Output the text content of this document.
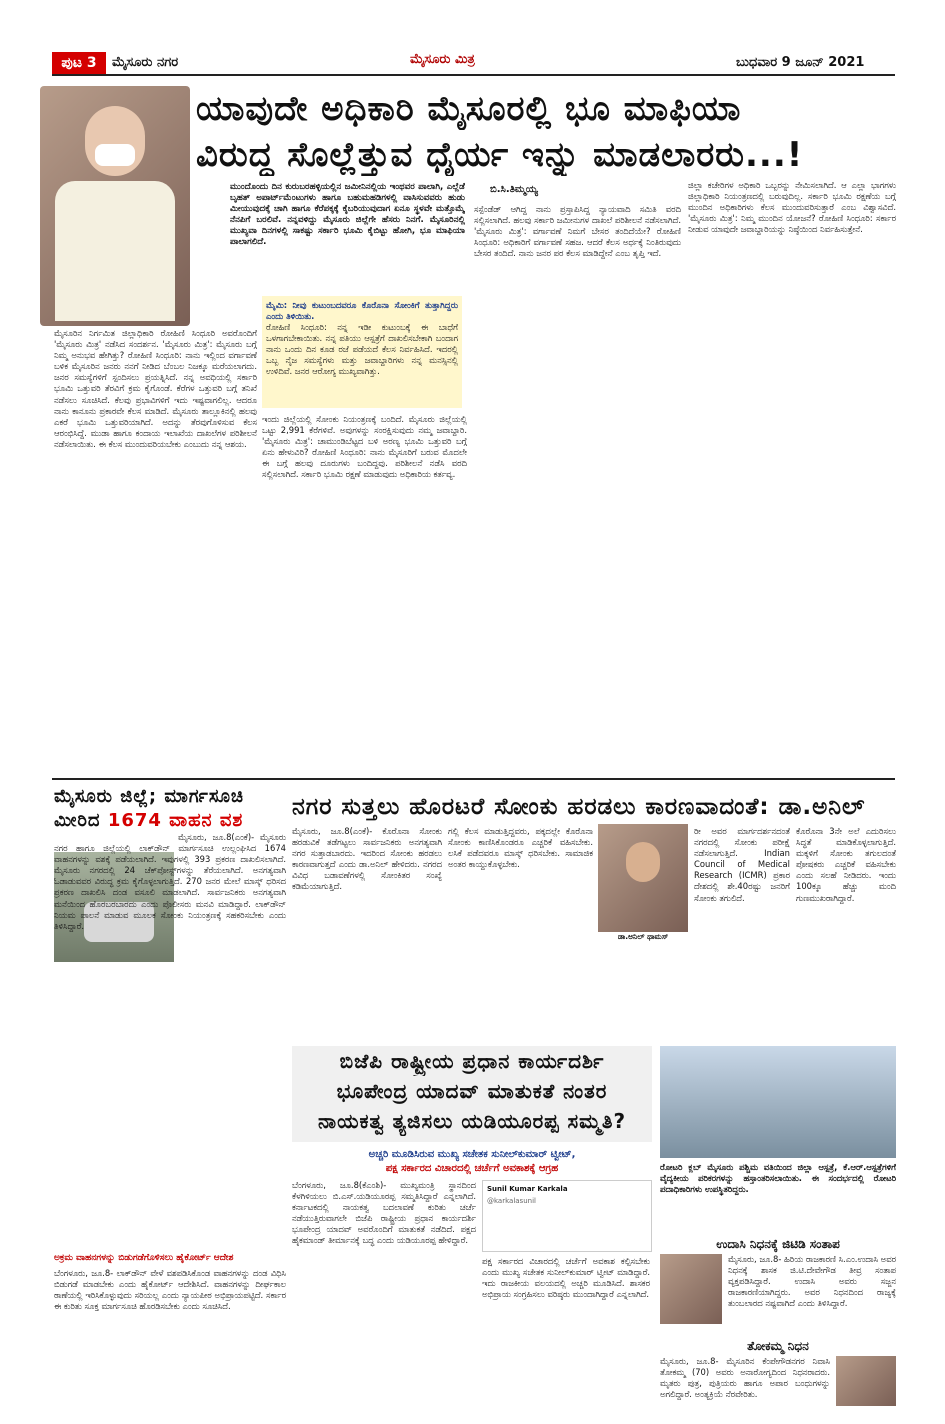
ಪುಟ 3	ಮೈಸೂರು ನಗರ	ಮೈಸೂರು ಮಿತ್ರ	ಬುಧವಾರ 9 ಜೂನ್ 2021
ಯಾವುದೇ ಅಧಿಕಾರಿ ಮೈಸೂರಲ್ಲಿ ಭೂ ಮಾಫಿಯಾ
ವಿರುದ್ಧ ಸೊಲ್ಲೆತ್ತುವ ಧೈರ್ಯ ಇನ್ನು ಮಾಡಲಾರರು...!
ಮುಂದೊಂದು ದಿನ ಕುರುಬರಹಳ್ಳಿಯಲ್ಲಿನ ಜಮೀನಿನಲ್ಲಿಯ ಇಂಥವರ ಪಾಲಾಗಿ, ಎಲ್ಲೆಡೆ ಬೃಹತ್ ಅಪಾರ್ಟ್‌ಮೆಂಟುಗಳು ಹಾಗೂ ಬಹುಮಹಡಿಗಳಲ್ಲಿ ವಾಸಿಸುವವರು ಹುಡು ಮೀಯುವುದಕ್ಕೆ ಚಾಗಿ ಹಾಗೂ ಕೆರೆಪಕ್ಕಕ್ಕೆ ಕೈಬರಿಯುವುದಾಗ ಏನೂ ಸ್ಥಳವೇ ಮತ್ತೊಮ್ಮೆ ನೆನಪಿಗೆ ಬರಲಿವೆ. ನನ್ನವಳಿದ್ದು ಮೈಸೂರು ಜಿಲ್ಲೆಗೇ ಹೆಸರು ನಿನಗೆ. ಮೈಸೂರಿನಲ್ಲಿ ಮುಖ್ಯವಾ ದಿನಗಳಲ್ಲಿ ಸಾಕಷ್ಟು ಸರ್ಕಾರಿ ಭೂಮಿ ಕೈಬಿಟ್ಟು ಹೋಗಿ, ಭೂ ಮಾಫಿಯಾ ಪಾಲಾಗಲಿದೆ.
ಬಿ.ಸಿ.ತಿಮ್ಮಯ್ಯ
ಮೈಮಿ: ನೀವು ಕುಟುಂಬದವರೂ ಕೊರೊನಾ ಸೋಂಕಿಗೆ ತುತ್ತಾಗಿದ್ದರು ಎಂದು ತಿಳಿಯಿತು.
ರೋಹಿಣಿ ಸಿಂಧೂರಿ: ನನ್ನ ಇಡೀ ಕುಟುಂಬಕ್ಕೆ ಈ ಬಾಧೆಗೆ ಒಳಗಾಗಬೇಕಾಯಿತು. ನನ್ನ ಪತಿಯು ಆಸ್ಪತ್ರೆಗೆ ದಾಖಲಿಸಬೇಕಾಗಿ ಬಂದಾಗ ನಾನು ಒಂದು ದಿನ ಕೂಡ ರಜೆ ಪಡೆಯದೆ ಕೆಲಸ ನಿರ್ವಹಿಸಿದೆ. ಇದರಲ್ಲಿ ಒಬ್ಬ ನೈಜ ಸಮಸ್ಯೆಗಳು ಮತ್ತು ಜವಾಬ್ದಾರಿಗಳು ನನ್ನ ಮನಸ್ಸಿನಲ್ಲಿ ಉಳಿದಿವೆ. ಜನರ ಆರೋಗ್ಯ ಮುಖ್ಯವಾಗಿತ್ತು.
ಮೈಸೂರಿನ ನಿರ್ಗಮಿತ ಜಿಲ್ಲಾಧಿಕಾರಿ ರೋಹಿಣಿ ಸಿಂಧೂರಿ ಅವರೊಂದಿಗೆ 'ಮೈಸೂರು ಮಿತ್ರ' ನಡೆಸಿದ ಸಂದರ್ಶನ. 'ಮೈಸೂರು ಮಿತ್ರ': ಮೈಸೂರು ಬಗ್ಗೆ ನಿಮ್ಮ ಅನುಭವ ಹೇಗಿತ್ತು? ರೋಹಿಣಿ ಸಿಂಧೂರಿ: ನಾನು ಇಲ್ಲಿಂದ ವರ್ಗಾವಣೆ ಬಳಿಕ ಮೈಸೂರಿನ ಜನರು ನನಗೆ ನೀಡಿದ ಬೆಂಬಲ ನಿಜಕ್ಕೂ ಮರೆಯಲಾಗದು. ಜನರ ಸಮಸ್ಯೆಗಳಿಗೆ ಸ್ಪಂದಿಸಲು ಪ್ರಯತ್ನಿಸಿದೆ. ನನ್ನ ಅವಧಿಯಲ್ಲಿ ಸರ್ಕಾರಿ ಭೂಮಿ ಒತ್ತುವರಿ ತೆರವಿಗೆ ಕ್ರಮ ಕೈಗೊಂಡೆ. ಕೆರೆಗಳ ಒತ್ತುವರಿ ಬಗ್ಗೆ ತನಿಖೆ ನಡೆಸಲು ಸೂಚಿಸಿದೆ. ಕೆಲವು ಪ್ರಭಾವಿಗಳಿಗೆ ಇದು ಇಷ್ಟವಾಗಲಿಲ್ಲ. ಆದರೂ ನಾನು ಕಾನೂನು ಪ್ರಕಾರವೇ ಕೆಲಸ ಮಾಡಿದೆ. ಮೈಸೂರು ತಾಲ್ಲೂಕಿನಲ್ಲಿ ಹಲವು ಎಕರೆ ಭೂಮಿ ಒತ್ತುವರಿಯಾಗಿದೆ. ಅದನ್ನು ತೆರವುಗೊಳಿಸುವ ಕೆಲಸ ಆರಂಭಿಸಿದ್ದೆ. ಮುಡಾ ಹಾಗೂ ಕಂದಾಯ ಇಲಾಖೆಯ ದಾಖಲೆಗಳ ಪರಿಶೀಲನೆ ನಡೆಸಲಾಯಿತು. ಈ ಕೆಲಸ ಮುಂದುವರಿಯಬೇಕು ಎಂಬುದು ನನ್ನ ಆಶಯ.
ಇಂದು ಜಿಲ್ಲೆಯಲ್ಲಿ ಸೋಂಕು ನಿಯಂತ್ರಣಕ್ಕೆ ಬಂದಿದೆ. ಮೈಸೂರು ಜಿಲ್ಲೆಯಲ್ಲಿ ಒಟ್ಟು 2,991 ಕೆರೆಗಳಿವೆ. ಅವುಗಳನ್ನು ಸಂರಕ್ಷಿಸುವುದು ನಮ್ಮ ಜವಾಬ್ದಾರಿ. 'ಮೈಸೂರು ಮಿತ್ರ': ಚಾಮುಂಡಿಬೆಟ್ಟದ ಬಳಿ ಅರಣ್ಯ ಭೂಮಿ ಒತ್ತುವರಿ ಬಗ್ಗೆ ಏನು ಹೇಳುವಿರಿ? ರೋಹಿಣಿ ಸಿಂಧೂರಿ: ನಾನು ಮೈಸೂರಿಗೆ ಬರುವ ಮೊದಲೇ ಈ ಬಗ್ಗೆ ಹಲವು ದೂರುಗಳು ಬಂದಿದ್ದವು. ಪರಿಶೀಲನೆ ನಡೆಸಿ ವರದಿ ಸಲ್ಲಿಸಲಾಗಿದೆ. ಸರ್ಕಾರಿ ಭೂಮಿ ರಕ್ಷಣೆ ಮಾಡುವುದು ಅಧಿಕಾರಿಯ ಕರ್ತವ್ಯ.
ಸಸ್ಪೆಂಡೆಡ್‌ ಆಗಿದ್ದ ನಾನು ಪ್ರಸ್ತಾಪಿಸಿದ್ದ ನ್ಯಾಯವಾದಿ ಸಮಿತಿ ವರದಿ ಸಲ್ಲಿಸಲಾಗಿದೆ. ಹಲವು ಸರ್ಕಾರಿ ಜಮೀನುಗಳ ದಾಖಲೆ ಪರಿಶೀಲನೆ ನಡೆಸಲಾಗಿದೆ. 'ಮೈಸೂರು ಮಿತ್ರ': ವರ್ಗಾವಣೆ ನಿಮಗೆ ಬೇಸರ ತಂದಿದೆಯೇ? ರೋಹಿಣಿ ಸಿಂಧೂರಿ: ಅಧಿಕಾರಿಗೆ ವರ್ಗಾವಣೆ ಸಹಜ. ಆದರೆ ಕೆಲಸ ಅರ್ಧಕ್ಕೆ ನಿಂತಿರುವುದು ಬೇಸರ ತಂದಿದೆ. ನಾನು ಜನರ ಪರ ಕೆಲಸ ಮಾಡಿದ್ದೇನೆ ಎಂಬ ತೃಪ್ತಿ ಇದೆ.
ಜಿಲ್ಲಾ ಕಚೇರಿಗಳ ಅಧಿಕಾರಿ ಒಬ್ಬರನ್ನು ನೇಮಿಸಲಾಗಿದೆ. ಆ ಎಲ್ಲಾ ಭಾಗಗಳು ಜಿಲ್ಲಾಧಿಕಾರಿ ನಿಯಂತ್ರಣದಲ್ಲಿ ಬರುವುದಿಲ್ಲ. ಸರ್ಕಾರಿ ಭೂಮಿ ರಕ್ಷಣೆಯ ಬಗ್ಗೆ ಮುಂದಿನ ಅಧಿಕಾರಿಗಳು ಕೆಲಸ ಮುಂದುವರಿಸುತ್ತಾರೆ ಎಂಬ ವಿಶ್ವಾಸವಿದೆ. 'ಮೈಸೂರು ಮಿತ್ರ': ನಿಮ್ಮ ಮುಂದಿನ ಯೋಜನೆ? ರೋಹಿಣಿ ಸಿಂಧೂರಿ: ಸರ್ಕಾರ ನೀಡುವ ಯಾವುದೇ ಜವಾಬ್ದಾರಿಯನ್ನು ನಿಷ್ಠೆಯಿಂದ ನಿರ್ವಹಿಸುತ್ತೇನೆ.
ಮೈಸೂರು ಜಿಲ್ಲೆ; ಮಾರ್ಗಸೂಚಿ
ಮೀರಿದ 1674 ವಾಹನ ವಶ
ಮೈಸೂರು, ಜೂ.8(ಎಂಕೆ)- ಮೈಸೂರು ನಗರ ಹಾಗೂ ಜಿಲ್ಲೆಯಲ್ಲಿ ಲಾಕ್‌ಡೌನ್ ಮಾರ್ಗಸೂಚಿ ಉಲ್ಲಂಘಿಸಿದ 1674 ವಾಹನಗಳನ್ನು ವಶಕ್ಕೆ ಪಡೆಯಲಾಗಿದೆ. ಇವುಗಳಲ್ಲಿ 393 ಪ್ರಕರಣ ದಾಖಲಿಸಲಾಗಿದೆ. ಮೈಸೂರು ನಗರದಲ್ಲಿ 24 ಚೆಕ್‌ಪೋಸ್ಟ್‌ಗಳನ್ನು ತೆರೆಯಲಾಗಿದೆ. ಅನಗತ್ಯವಾಗಿ ಓಡಾಡುವವರ ವಿರುದ್ಧ ಕ್ರಮ ಕೈಗೊಳ್ಳಲಾಗುತ್ತಿದೆ. 270 ಜನರ ಮೇಲೆ ಮಾಸ್ಕ್ ಧರಿಸದ ಪ್ರಕರಣ ದಾಖಲಿಸಿ ದಂಡ ವಸೂಲಿ ಮಾಡಲಾಗಿದೆ. ಸಾರ್ವಜನಿಕರು ಅನಗತ್ಯವಾಗಿ ಮನೆಯಿಂದ ಹೊರಬರಬಾರದು ಎಂದು ಪೊಲೀಸರು ಮನವಿ ಮಾಡಿದ್ದಾರೆ. ಲಾಕ್‌ಡೌನ್ ನಿಯಮ ಪಾಲನೆ ಮಾಡುವ ಮೂಲಕ ಸೋಂಕು ನಿಯಂತ್ರಣಕ್ಕೆ ಸಹಕರಿಸಬೇಕು ಎಂದು ತಿಳಿಸಿದ್ದಾರೆ.
ಅಕ್ರಮ ವಾಹನಗಳನ್ನು ಬಿಡುಗಡೆಗೊಳಿಸಲು ಹೈಕೋರ್ಟ್ ಆದೇಶ
ಬೆಂಗಳೂರು, ಜೂ.8- ಲಾಕ್‌ಡೌನ್ ವೇಳೆ ವಶಪಡಿಸಿಕೊಂಡ ವಾಹನಗಳನ್ನು ದಂಡ ವಿಧಿಸಿ ಬಿಡುಗಡೆ ಮಾಡಬೇಕು ಎಂದು ಹೈಕೋರ್ಟ್ ಆದೇಶಿಸಿದೆ. ವಾಹನಗಳನ್ನು ದೀರ್ಘಕಾಲ ಠಾಣೆಯಲ್ಲಿ ಇರಿಸಿಕೊಳ್ಳುವುದು ಸರಿಯಲ್ಲ ಎಂದು ನ್ಯಾಯಪೀಠ ಅಭಿಪ್ರಾಯಪಟ್ಟಿದೆ. ಸರ್ಕಾರ ಈ ಕುರಿತು ಸೂಕ್ತ ಮಾರ್ಗಸೂಚಿ ಹೊರಡಿಸಬೇಕು ಎಂದು ಸೂಚಿಸಿದೆ.
ನಗರ ಸುತ್ತಲು ಹೊರಟರೆ ಸೋಂಕು ಹರಡಲು ಕಾರಣವಾದಂತೆ: ಡಾ.ಅನಿಲ್
ಮೈಸೂರು, ಜೂ.8(ಎಂಕೆ)- ಕೊರೊನಾ ಸೋಂಕು ಹರಡುವಿಕೆ ತಡೆಗಟ್ಟಲು ಸಾರ್ವಜನಿಕರು ಅನಗತ್ಯವಾಗಿ ನಗರ ಸುತ್ತಾಡಬಾರದು. ಇದರಿಂದ ಸೋಂಕು ಹರಡಲು ಕಾರಣವಾಗುತ್ತದೆ ಎಂದು ಡಾ.ಅನಿಲ್ ಹೇಳಿದರು. ನಗರದ ವಿವಿಧ ಬಡಾವಣೆಗಳಲ್ಲಿ ಸೋಂಕಿತರ ಸಂಖ್ಯೆ ಕಡಿಮೆಯಾಗುತ್ತಿದೆ.
ಗಲ್ಲಿ ಕೆಲಸ ಮಾಡುತ್ತಿದ್ದವರು, ಪಕ್ಕದಲ್ಲೇ ಕೊರೊನಾ ಸೋಂಕು ಕಾಣಿಸಿಕೊಂಡರೂ ಎಚ್ಚರಿಕೆ ವಹಿಸಬೇಕು. ಲಸಿಕೆ ಪಡೆದವರೂ ಮಾಸ್ಕ್ ಧರಿಸಬೇಕು. ಸಾಮಾಜಿಕ ಅಂತರ ಕಾಯ್ದುಕೊಳ್ಳಬೇಕು.
ಡಾ.ಅನಿಲ್ ಥಾಮಸ್
ರೀ ಅವರ ಮಾರ್ಗದರ್ಶನದಂತೆ ನಗರದಲ್ಲಿ ಸೋಂಕು ಪರೀಕ್ಷೆ ನಡೆಸಲಾಗುತ್ತಿದೆ. Indian Council of Medical Research (ICMR) ಪ್ರಕಾರ ದೇಶದಲ್ಲಿ ಶೇ.40ರಷ್ಟು ಜನರಿಗೆ ಸೋಂಕು ತಗುಲಿದೆ.
ಕೊರೊನಾ 3ನೇ ಅಲೆ ಎದುರಿಸಲು ಸಿದ್ಧತೆ ಮಾಡಿಕೊಳ್ಳಲಾಗುತ್ತಿದೆ. ಮಕ್ಕಳಿಗೆ ಸೋಂಕು ತಗುಲದಂತೆ ಪೋಷಕರು ಎಚ್ಚರಿಕೆ ವಹಿಸಬೇಕು ಎಂದು ಸಲಹೆ ನೀಡಿದರು. ಇಂದು 100ಕ್ಕೂ ಹೆಚ್ಚು ಮಂದಿ ಗುಣಮುಖರಾಗಿದ್ದಾರೆ.
ಬಿಜೆಪಿ ರಾಷ್ಟ್ರೀಯ ಪ್ರಧಾನ ಕಾರ್ಯದರ್ಶಿ
ಭೂಪೇಂದ್ರ ಯಾದವ್ ಮಾತುಕತೆ ನಂತರ
ನಾಯಕತ್ವ ತ್ಯಜಿಸಲು ಯಡಿಯೂರಪ್ಪ ಸಮ್ಮತಿ?
ಅಚ್ಚರಿ ಮೂಡಿಸಿರುವ ಮುಖ್ಯ ಸಚೇತಕ ಸುನೀಲ್‌ಕುಮಾರ್ ಟ್ವೀಟ್,
ಪಕ್ಷ ಸರ್ಕಾರದ ವಿಚಾರದಲ್ಲಿ ಚರ್ಚೆಗೆ ಅವಕಾಶಕ್ಕೆ ಆಗ್ರಹ
ಬೆಂಗಳೂರು, ಜೂ.8(ಕೆಎಂಶಿ)- ಮುಖ್ಯಮಂತ್ರಿ ಸ್ಥಾನದಿಂದ ಕೆಳಗಿಳಿಯಲು ಬಿ.ಎಸ್.ಯಡಿಯೂರಪ್ಪ ಸಮ್ಮತಿಸಿದ್ದಾರೆ ಎನ್ನಲಾಗಿದೆ. ಕರ್ನಾಟಕದಲ್ಲಿ ನಾಯಕತ್ವ ಬದಲಾವಣೆ ಕುರಿತು ಚರ್ಚೆ ನಡೆಯುತ್ತಿರುವಾಗಲೇ ಬಿಜೆಪಿ ರಾಷ್ಟ್ರೀಯ ಪ್ರಧಾನ ಕಾರ್ಯದರ್ಶಿ ಭೂಪೇಂದ್ರ ಯಾದವ್ ಅವರೊಂದಿಗೆ ಮಾತುಕತೆ ನಡೆದಿದೆ. ಪಕ್ಷದ ಹೈಕಮಾಂಡ್ ತೀರ್ಮಾನಕ್ಕೆ ಬದ್ಧ ಎಂದು ಯಡಿಯೂರಪ್ಪ ಹೇಳಿದ್ದಾರೆ.
Sunil Kumar Karkala
@karkalasunil
ಪಕ್ಷ ಸರ್ಕಾರದ ವಿಚಾರದಲ್ಲಿ ಚರ್ಚೆಗೆ ಅವಕಾಶ ಕಲ್ಪಿಸಬೇಕು ಎಂದು ಮುಖ್ಯ ಸಚೇತಕ ಸುನೀಲ್‌ಕುಮಾರ್ ಟ್ವೀಟ್ ಮಾಡಿದ್ದಾರೆ. ಇದು ರಾಜಕೀಯ ವಲಯದಲ್ಲಿ ಅಚ್ಚರಿ ಮೂಡಿಸಿದೆ. ಶಾಸಕರ ಅಭಿಪ್ರಾಯ ಸಂಗ್ರಹಿಸಲು ವರಿಷ್ಠರು ಮುಂದಾಗಿದ್ದಾರೆ ಎನ್ನಲಾಗಿದೆ.
ರೋಟರಿ ಕ್ಲಬ್ ಮೈಸೂರು ಪಶ್ಚಿಮ ವತಿಯಿಂದ ಜಿಲ್ಲಾ ಆಸ್ಪತ್ರೆ, ಕೆ.ಆರ್.ಆಸ್ಪತ್ರೆಗಳಿಗೆ ವೈದ್ಯಕೀಯ ಪರಿಕರಗಳನ್ನು ಹಸ್ತಾಂತರಿಸಲಾಯಿತು. ಈ ಸಂದರ್ಭದಲ್ಲಿ ರೋಟರಿ ಪದಾಧಿಕಾರಿಗಳು ಉಪಸ್ಥಿತರಿದ್ದರು.
ಉದಾಸಿ ನಿಧನಕ್ಕೆ ಜಿಟಿಡಿ ಸಂತಾಪ
ಮೈಸೂರು, ಜೂ.8- ಹಿರಿಯ ರಾಜಕಾರಣಿ ಸಿ.ಎಂ.ಉದಾಸಿ ಅವರ ನಿಧನಕ್ಕೆ ಶಾಸಕ ಜಿ.ಟಿ.ದೇವೇಗೌಡ ತೀವ್ರ ಸಂತಾಪ ವ್ಯಕ್ತಪಡಿಸಿದ್ದಾರೆ. ಉದಾಸಿ ಅವರು ಸಜ್ಜನ ರಾಜಕಾರಣಿಯಾಗಿದ್ದರು. ಅವರ ನಿಧನದಿಂದ ರಾಜ್ಯಕ್ಕೆ ತುಂಬಲಾರದ ನಷ್ಟವಾಗಿದೆ ಎಂದು ತಿಳಿಸಿದ್ದಾರೆ.
ತೋಕಮ್ಮ ನಿಧನ
ಮೈಸೂರು, ಜೂ.8- ಮೈಸೂರಿನ ಕೆಂಪೇಗೌಡನಗರ ನಿವಾಸಿ ತೋಕಮ್ಮ (70) ಅವರು ಅನಾರೋಗ್ಯದಿಂದ ನಿಧನರಾದರು. ಮೃತರು ಪುತ್ರ, ಪುತ್ರಿಯರು ಹಾಗೂ ಅಪಾರ ಬಂಧುಗಳನ್ನು ಅಗಲಿದ್ದಾರೆ. ಅಂತ್ಯಕ್ರಿಯೆ ನೆರವೇರಿತು.
